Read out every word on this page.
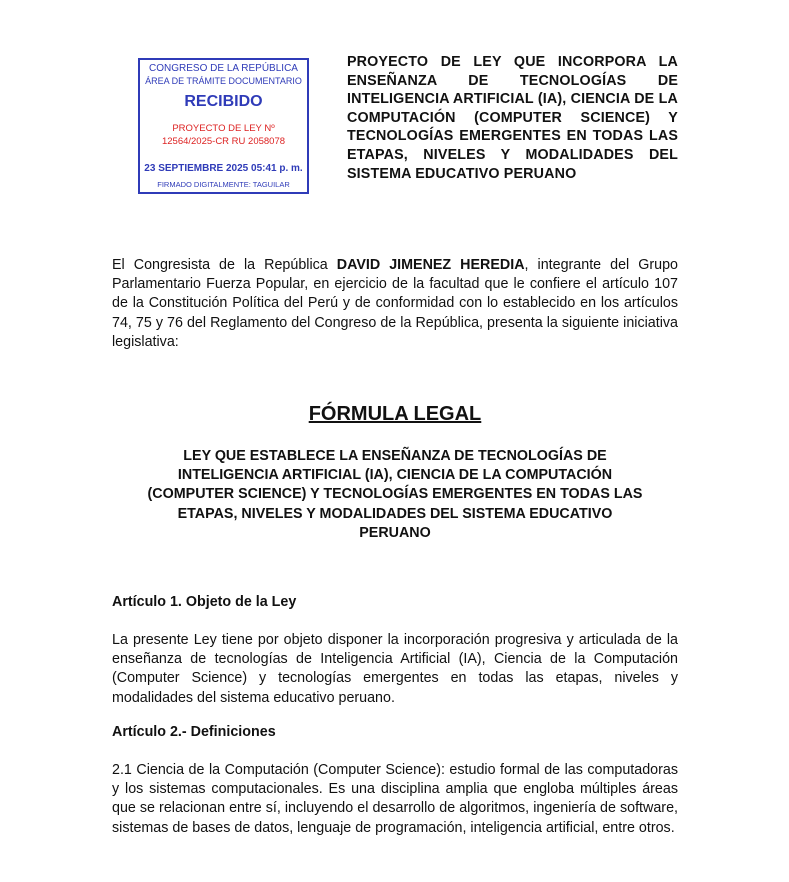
CONGRESO DE LA REPÚBLICA
ÁREA DE TRÁMITE DOCUMENTARIO
RECIBIDO
PROYECTO DE LEY Nº
12564/2025-CR RU 2058078
23 SEPTIEMBRE 2025 05:41 p. m.
FIRMADO DIGITALMENTE: TAGUILAR
PROYECTO DE LEY QUE INCORPORA LA ENSEÑANZA DE TECNOLOGÍAS DE INTELIGENCIA ARTIFICIAL (IA), CIENCIA DE LA COMPUTACIÓN (COMPUTER SCIENCE) Y TECNOLOGÍAS EMERGENTES EN TODAS LAS ETAPAS, NIVELES Y MODALIDADES DEL SISTEMA EDUCATIVO PERUANO
El Congresista de la República DAVID JIMENEZ HEREDIA, integrante del Grupo Parlamentario Fuerza Popular, en ejercicio de la facultad que le confiere el artículo 107 de la Constitución Política del Perú y de conformidad con lo establecido en los artículos 74, 75 y 76 del Reglamento del Congreso de la República, presenta la siguiente iniciativa legislativa:
FÓRMULA LEGAL
LEY QUE ESTABLECE LA ENSEÑANZA DE TECNOLOGÍAS DE
INTELIGENCIA ARTIFICIAL (IA), CIENCIA DE LA COMPUTACIÓN
(COMPUTER SCIENCE) Y TECNOLOGÍAS EMERGENTES EN TODAS LAS
ETAPAS, NIVELES Y MODALIDADES DEL SISTEMA EDUCATIVO
PERUANO
Artículo 1. Objeto de la Ley
La presente Ley tiene por objeto disponer la incorporación progresiva y articulada de la enseñanza de tecnologías de Inteligencia Artificial (IA), Ciencia de la Computación (Computer Science) y tecnologías emergentes en todas las etapas, niveles y modalidades del sistema educativo peruano.
Artículo 2.- Definiciones
2.1 Ciencia de la Computación (Computer Science): estudio formal de las computadoras y los sistemas computacionales. Es una disciplina amplia que engloba múltiples áreas que se relacionan entre sí, incluyendo el desarrollo de algoritmos, ingeniería de software, sistemas de bases de datos, lenguaje de programación, inteligencia artificial, entre otros.
